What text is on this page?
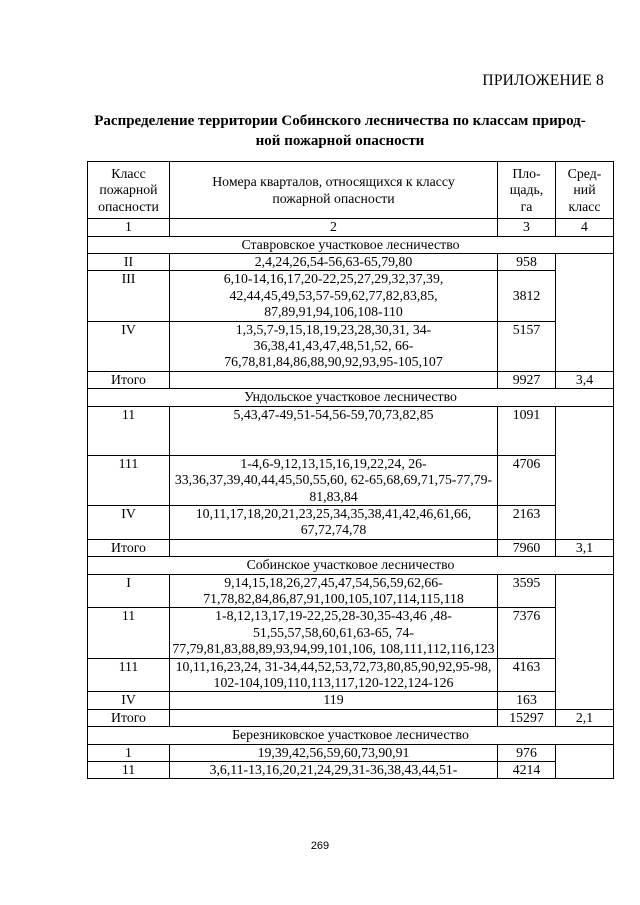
ПРИЛОЖЕНИЕ 8
Распределение территории Собинского лесничества по классам природ-
ной пожарной опасности
Класс пожарной опасности	Номера кварталов, относящихся к классу пожарной опасности	Пло-щадь, га	Сред-ний класс
1	2	3	4
Ставровское участковое лесничество			
II	2,4,24,26,54-56,63-65,79,80	958	
III	6,10-14,16,17,20-22,25,27,29,32,37,39, 42,44,45,49,53,57-59,62,77,82,83,85, 87,89,91,94,106,108-110	3812	
IV	1,3,5,7-9,15,18,19,23,28,30,31, 34-36,38,41,43,47,48,51,52, 66-76,78,81,84,86,88,90,92,93,95-105,107	5157	
Итого		9927	3,4
Ундольское участковое лесничество			
11	5,43,47-49,51-54,56-59,70,73,82,85	1091	
111	1-4,6-9,12,13,15,16,19,22,24, 26-33,36,37,39,40,44,45,50,55,60, 62-65,68,69,71,75-77,79-81,83,84	4706	
IV	10,11,17,18,20,21,23,25,34,35,38,41,42,46,61,66, 67,72,74,78	2163	
Итого		7960	3,1
Собинское участковое лесничество			
I	9,14,15,18,26,27,45,47,54,56,59,62,66- 71,78,82,84,86,87,91,100,105,107,114,115,118	3595	
11	1-8,12,13,17,19-22,25,28-30,35-43,46 ,48-51,55,57,58,60,61,63-65, 74-77,79,81,83,88,89,93,94,99,101,106, 108,111,112,116,123	7376	
111	10,11,16,23,24, 31-34,44,52,53,72,73,80,85,90,92,95-98, 102-104,109,110,113,117,120-122,124-126	4163	
IV	119	163	
Итого		15297	2,1
Березниковское участковое лесничество			
1	19,39,42,56,59,60,73,90,91	976	
11	3,6,11-13,16,20,21,24,29,31-36,38,43,44,51-	4214	
269
